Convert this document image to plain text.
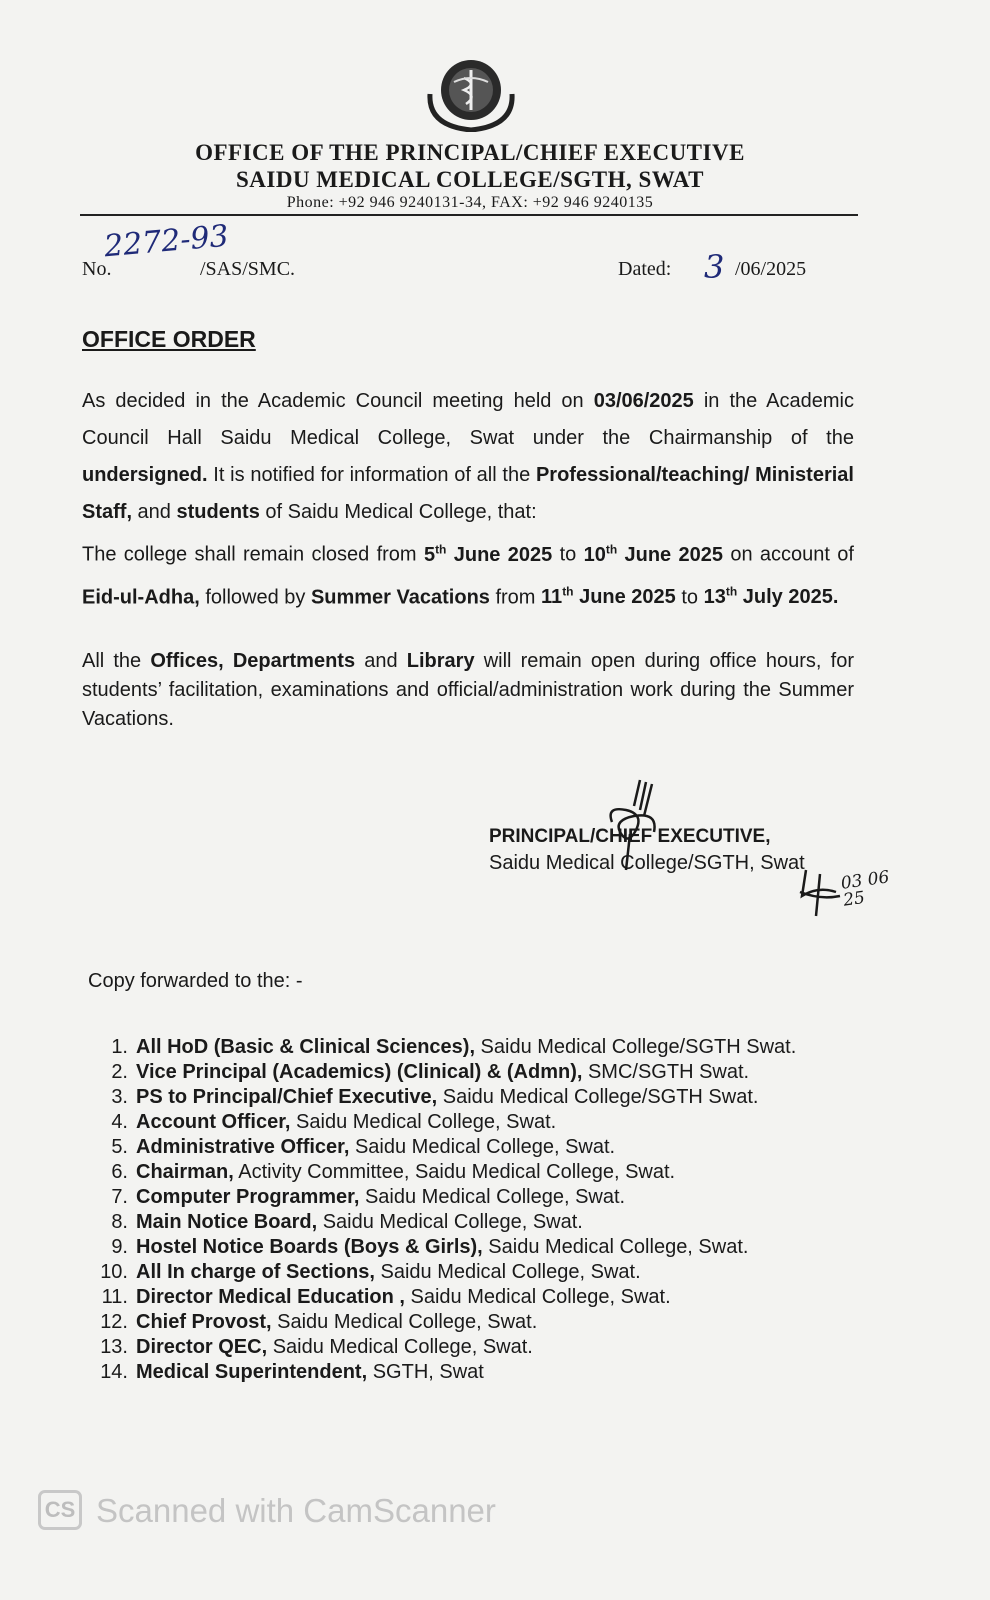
OFFICE OF THE PRINCIPAL/CHIEF EXECUTIVE
SAIDU MEDICAL COLLEGE/SGTH, SWAT
Phone: +92 946 9240131-34, FAX: +92 946 9240135
No.
2272-93
/SAS/SMC.	Dated: 3 /06/2025
OFFICE ORDER
As decided in the Academic Council meeting held on 03/06/2025 in the Academic Council Hall Saidu Medical College, Swat under the Chairmanship of the undersigned. It is notified for information of all the Professional/teaching/ Ministerial Staff, and students of Saidu Medical College, that:
The college shall remain closed from 5th June 2025 to 10th June 2025 on account of Eid-ul-Adha, followed by Summer Vacations from 11th June 2025 to 13th July 2025.
All the Offices, Departments and Library will remain open during office hours, for students’ facilitation, examinations and official/administration work during the Summer Vacations.
PRINCIPAL/CHIEF EXECUTIVE,
Saidu Medical College/SGTH, Swat
03 06 25
Copy forwarded to the: -
1. All HoD (Basic & Clinical Sciences), Saidu Medical College/SGTH Swat.
2. Vice Principal (Academics) (Clinical) & (Admn), SMC/SGTH Swat.
3. PS to Principal/Chief Executive, Saidu Medical College/SGTH Swat.
4. Account Officer, Saidu Medical College, Swat.
5. Administrative Officer, Saidu Medical College, Swat.
6. Chairman, Activity Committee, Saidu Medical College, Swat.
7. Computer Programmer, Saidu Medical College, Swat.
8. Main Notice Board, Saidu Medical College, Swat.
9. Hostel Notice Boards (Boys & Girls), Saidu Medical College, Swat.
10. All In charge of Sections, Saidu Medical College, Swat.
11. Director Medical Education , Saidu Medical College, Swat.
12. Chief Provost, Saidu Medical College, Swat.
13. Director QEC, Saidu Medical College, Swat.
14. Medical Superintendent, SGTH, Swat
CS Scanned with CamScanner
